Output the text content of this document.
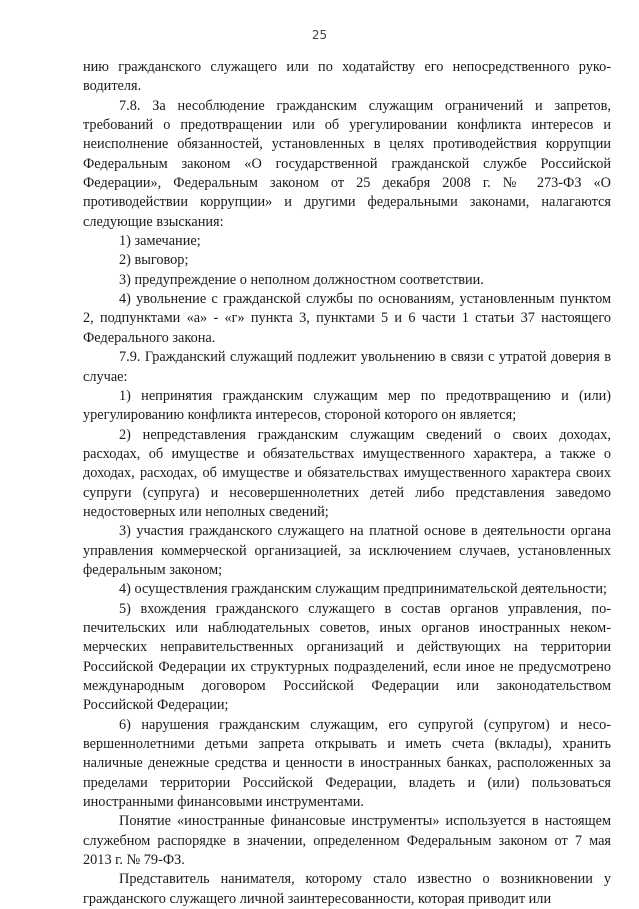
25

нию гражданского служащего или по ходатайству его непосредственного руководителя.

7.8. За несоблюдение гражданским служащим ограничений и запретов, требований о предотвращении или об урегулировании конфликта интересов и неисполнение обязанностей, установленных в целях противодействия коррупции Федеральным законом «О государственной гражданской службе Российской Федерации», Федеральным законом от 25 декабря 2008 г. № 273-ФЗ «О противодействии коррупции» и другими федеральными законами, налагаются следующие взыскания:

1) замечание;

2) выговор;

3) предупреждение о неполном должностном соответствии.

4) увольнение с гражданской службы по основаниям, установленным пунктом 2, подпунктами «а» - «г» пункта 3, пунктами 5 и 6 части 1 статьи 37 настоящего Федерального закона.

7.9. Гражданский служащий подлежит увольнению в связи с утратой доверия в случае:

1) непринятия гражданским служащим мер по предотвращению и (или) урегулированию конфликта интересов, стороной которого он является;

2) непредставления гражданским служащим сведений о своих доходах, расходах, об имуществе и обязательствах имущественного характера, а также о доходах, расходах, об имуществе и обязательствах имущественного характера своих супруги (супруга) и несовершеннолетних детей либо представления заведомо недостоверных или неполных сведений;

3) участия гражданского служащего на платной основе в деятельности органа управления коммерческой организацией, за исключением случаев, установленных федеральным законом;

4) осуществления гражданским служащим предпринимательской деятельности;

5) вхождения гражданского служащего в состав органов управления, попечительских или наблюдательных советов, иных органов иностранных некоммерческих неправительственных организаций и действующих на территории Российской Федерации их структурных подразделений, если иное не предусмотрено международным договором Российской Федерации или законодательством Российской Федерации;

6) нарушения гражданским служащим, его супругой (супругом) и несовершеннолетними детьми запрета открывать и иметь счета (вклады), хранить наличные денежные средства и ценности в иностранных банках, расположенных за пределами территории Российской Федерации, владеть и (или) пользоваться иностранными финансовыми инструментами.

Понятие «иностранные финансовые инструменты» используется в настоящем служебном распорядке в значении, определенном Федеральным законом от 7 мая 2013 г. № 79-ФЗ.

Представитель нанимателя, которому стало известно о возникновении у гражданского служащего личной заинтересованности, которая приводит или
